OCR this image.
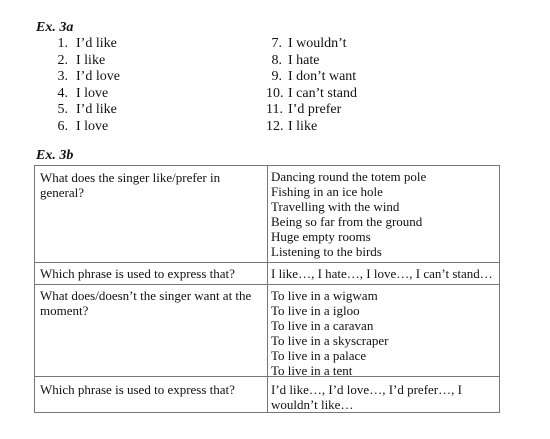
Ex. 3a
1. I’d like
2. I like
3. I’d love
4. I love
5. I’d like
6. I love
7. I wouldn’t
8. I hate
9. I don’t want
10. I can’t stand
11. I’d prefer
12. I like
Ex. 3b
What does the singer like/prefer in
general?
Dancing round the totem pole
Fishing in an ice hole
Travelling with the wind
Being so far from the ground
Huge empty rooms
Listening to the birds
Which phrase is used to express that?	I like…, I hate…, I love…, I can’t stand…
What does/doesn’t the singer want at the
moment?
To live in a wigwam
To live in a igloo
To live in a caravan
To live in a skyscraper
To live in a palace
To live in a tent
Which phrase is used to express that?	I’d like…, I’d love…, I’d prefer…, I
wouldn’t like…
